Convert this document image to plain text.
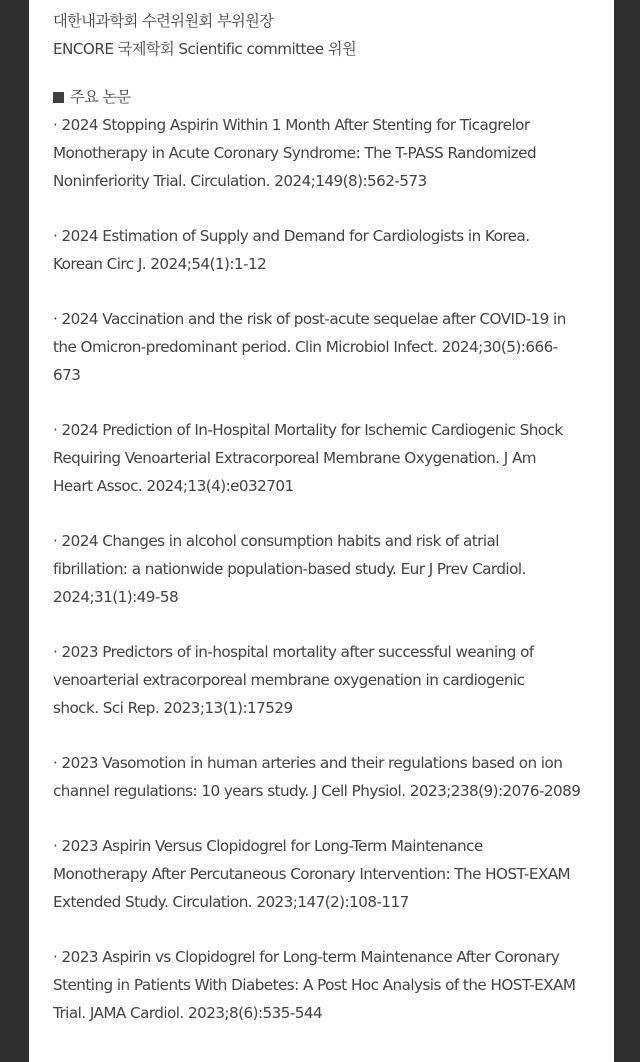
대한내과학회 수련위원회 부위원장
ENCORE 국제학회 Scientific committee 위원
주요 논문
· 2024 Stopping Aspirin Within 1 Month After Stenting for Ticagrelor
Monotherapy in Acute Coronary Syndrome: The T-PASS Randomized
Noninferiority Trial. Circulation. 2024;149(8):562-573
· 2024 Estimation of Supply and Demand for Cardiologists in Korea.
Korean Circ J. 2024;54(1):1-12
· 2024 Vaccination and the risk of post-acute sequelae after COVID-19 in
the Omicron-predominant period. Clin Microbiol Infect. 2024;30(5):666-
673
· 2024 Prediction of In-Hospital Mortality for Ischemic Cardiogenic Shock
Requiring Venoarterial Extracorporeal Membrane Oxygenation. J Am
Heart Assoc. 2024;13(4):e032701
· 2024 Changes in alcohol consumption habits and risk of atrial
fibrillation: a nationwide population-based study. Eur J Prev Cardiol.
2024;31(1):49-58
· 2023 Predictors of in-hospital mortality after successful weaning of
venoarterial extracorporeal membrane oxygenation in cardiogenic
shock. Sci Rep. 2023;13(1):17529
· 2023 Vasomotion in human arteries and their regulations based on ion
channel regulations: 10 years study. J Cell Physiol. 2023;238(9):2076-2089
· 2023 Aspirin Versus Clopidogrel for Long-Term Maintenance
Monotherapy After Percutaneous Coronary Intervention: The HOST-EXAM
Extended Study. Circulation. 2023;147(2):108-117
· 2023 Aspirin vs Clopidogrel for Long-term Maintenance After Coronary
Stenting in Patients With Diabetes: A Post Hoc Analysis of the HOST-EXAM
Trial. JAMA Cardiol. 2023;8(6):535-544
